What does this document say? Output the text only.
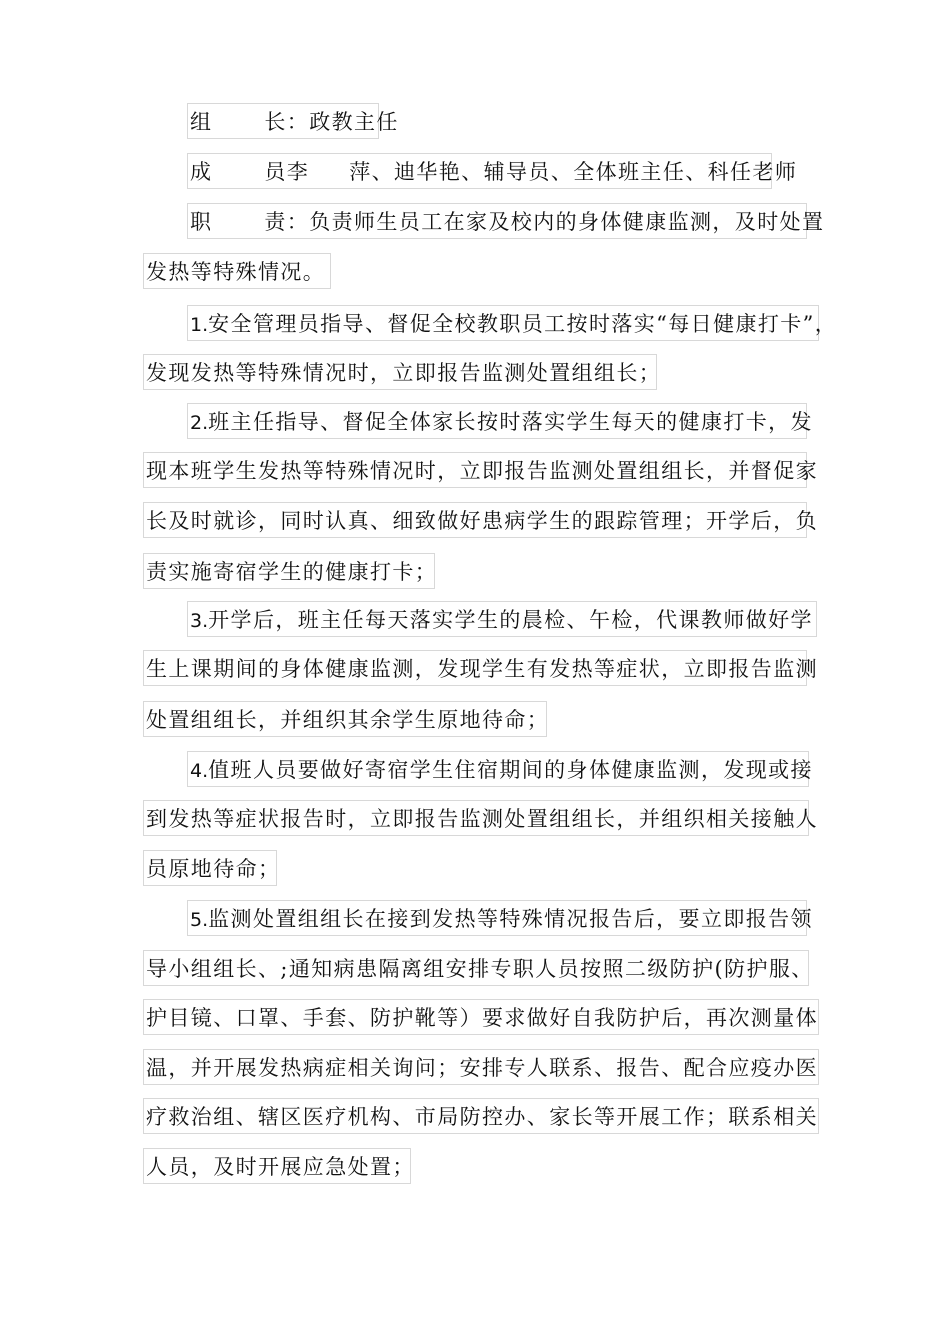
组 长：政教主任
成 员李 萍、迪华艳、辅导员、全体班主任、科任老师
职 责：负责师生员工在家及校内的身体健康监测，及时处置
发热等特殊情况。
1.安全管理员指导、督促全校教职员工按时落实“每日健康打卡”，
发现发热等特殊情况时，立即报告监测处置组组长；
2.班主任指导、督促全体家长按时落实学生每天的健康打卡，发
现本班学生发热等特殊情况时，立即报告监测处置组组长，并督促家
长及时就诊，同时认真、细致做好患病学生的跟踪管理；开学后，负
责实施寄宿学生的健康打卡；
3.开学后，班主任每天落实学生的晨检、午检，代课教师做好学
生上课期间的身体健康监测，发现学生有发热等症状，立即报告监测
处置组组长，并组织其余学生原地待命；
4.值班人员要做好寄宿学生住宿期间的身体健康监测，发现或接
到发热等症状报告时，立即报告监测处置组组长，并组织相关接触人
员原地待命；
5.监测处置组组长在接到发热等特殊情况报告后，要立即报告领
导小组组长、;通知病患隔离组安排专职人员按照二级防护(防护服、
护目镜、口罩、手套、防护靴等）要求做好自我防护后，再次测量体
温，并开展发热病症相关询问；安排专人联系、报告、配合应疫办医
疗救治组、辖区医疗机构、市局防控办、家长等开展工作；联系相关
人员，及时开展应急处置；
